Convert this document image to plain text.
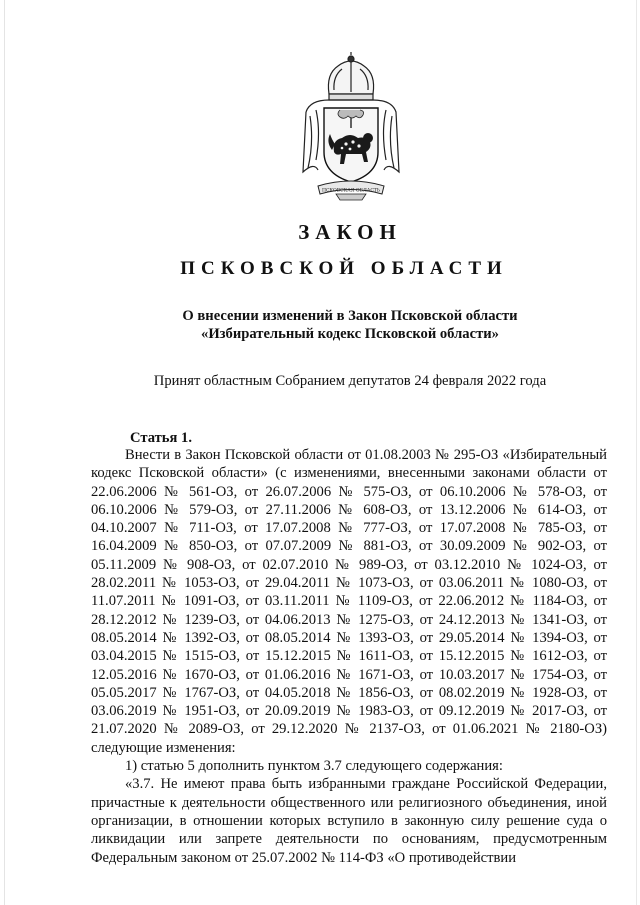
ПСКОВСКАЯ ОБЛАСТЬ
ЗАКОН
ПСКОВСКОЙ ОБЛАСТИ
О внесении изменений в Закон Псковской области
«Избирательный кодекс Псковской области»
Принят областным Собранием депутатов 24 февраля 2022 года
Статья 1.

Внести в Закон Псковской области от 01.08.2003 № 295-ОЗ «Избирательный кодекс Псковской области» (с изменениями, внесенными законами области от 22.06.2006 № 561-ОЗ, от 26.07.2006 № 575-ОЗ, от 06.10.2006 № 578-ОЗ, от 06.10.2006 № 579-ОЗ, от 27.11.2006 № 608-ОЗ, от 13.12.2006 № 614-ОЗ, от 04.10.2007 № 711-ОЗ, от 17.07.2008 № 777-ОЗ, от 17.07.2008 № 785-ОЗ, от 16.04.2009 № 850-ОЗ, от 07.07.2009 № 881-ОЗ, от 30.09.2009 № 902-ОЗ, от 05.11.2009 № 908-ОЗ, от 02.07.2010 № 989-ОЗ, от 03.12.2010 № 1024-ОЗ, от 28.02.2011 № 1053-ОЗ, от 29.04.2011 № 1073-ОЗ, от 03.06.2011 № 1080-ОЗ, от 11.07.2011 № 1091-ОЗ, от 03.11.2011 № 1109-ОЗ, от 22.06.2012 № 1184-ОЗ, от 28.12.2012 № 1239-ОЗ, от 04.06.2013 № 1275-ОЗ, от 24.12.2013 № 1341-ОЗ, от 08.05.2014 № 1392-ОЗ, от 08.05.2014 № 1393-ОЗ, от 29.05.2014 № 1394-ОЗ, от 03.04.2015 № 1515-ОЗ, от 15.12.2015 № 1611-ОЗ, от 15.12.2015 № 1612-ОЗ, от 12.05.2016 № 1670-ОЗ, от 01.06.2016 № 1671-ОЗ, от 10.03.2017 № 1754-ОЗ, от 05.05.2017 № 1767-ОЗ, от 04.05.2018 № 1856-ОЗ, от 08.02.2019 № 1928-ОЗ, от 03.06.2019 № 1951-ОЗ, от 20.09.2019 № 1983-ОЗ, от 09.12.2019 № 2017-ОЗ, от 21.07.2020 № 2089-ОЗ, от 29.12.2020 № 2137-ОЗ, от 01.06.2021 № 2180-ОЗ) следующие изменения:

1) статью 5 дополнить пунктом 3.7 следующего содержания:

«3.7. Не имеют права быть избранными граждане Российской Федерации, причастные к деятельности общественного или религиозного объединения, иной организации, в отношении которых вступило в законную силу решение суда о ликвидации или запрете деятельности по основаниям, предусмотренным Федеральным законом от 25.07.2002 № 114-ФЗ «О противодействии
